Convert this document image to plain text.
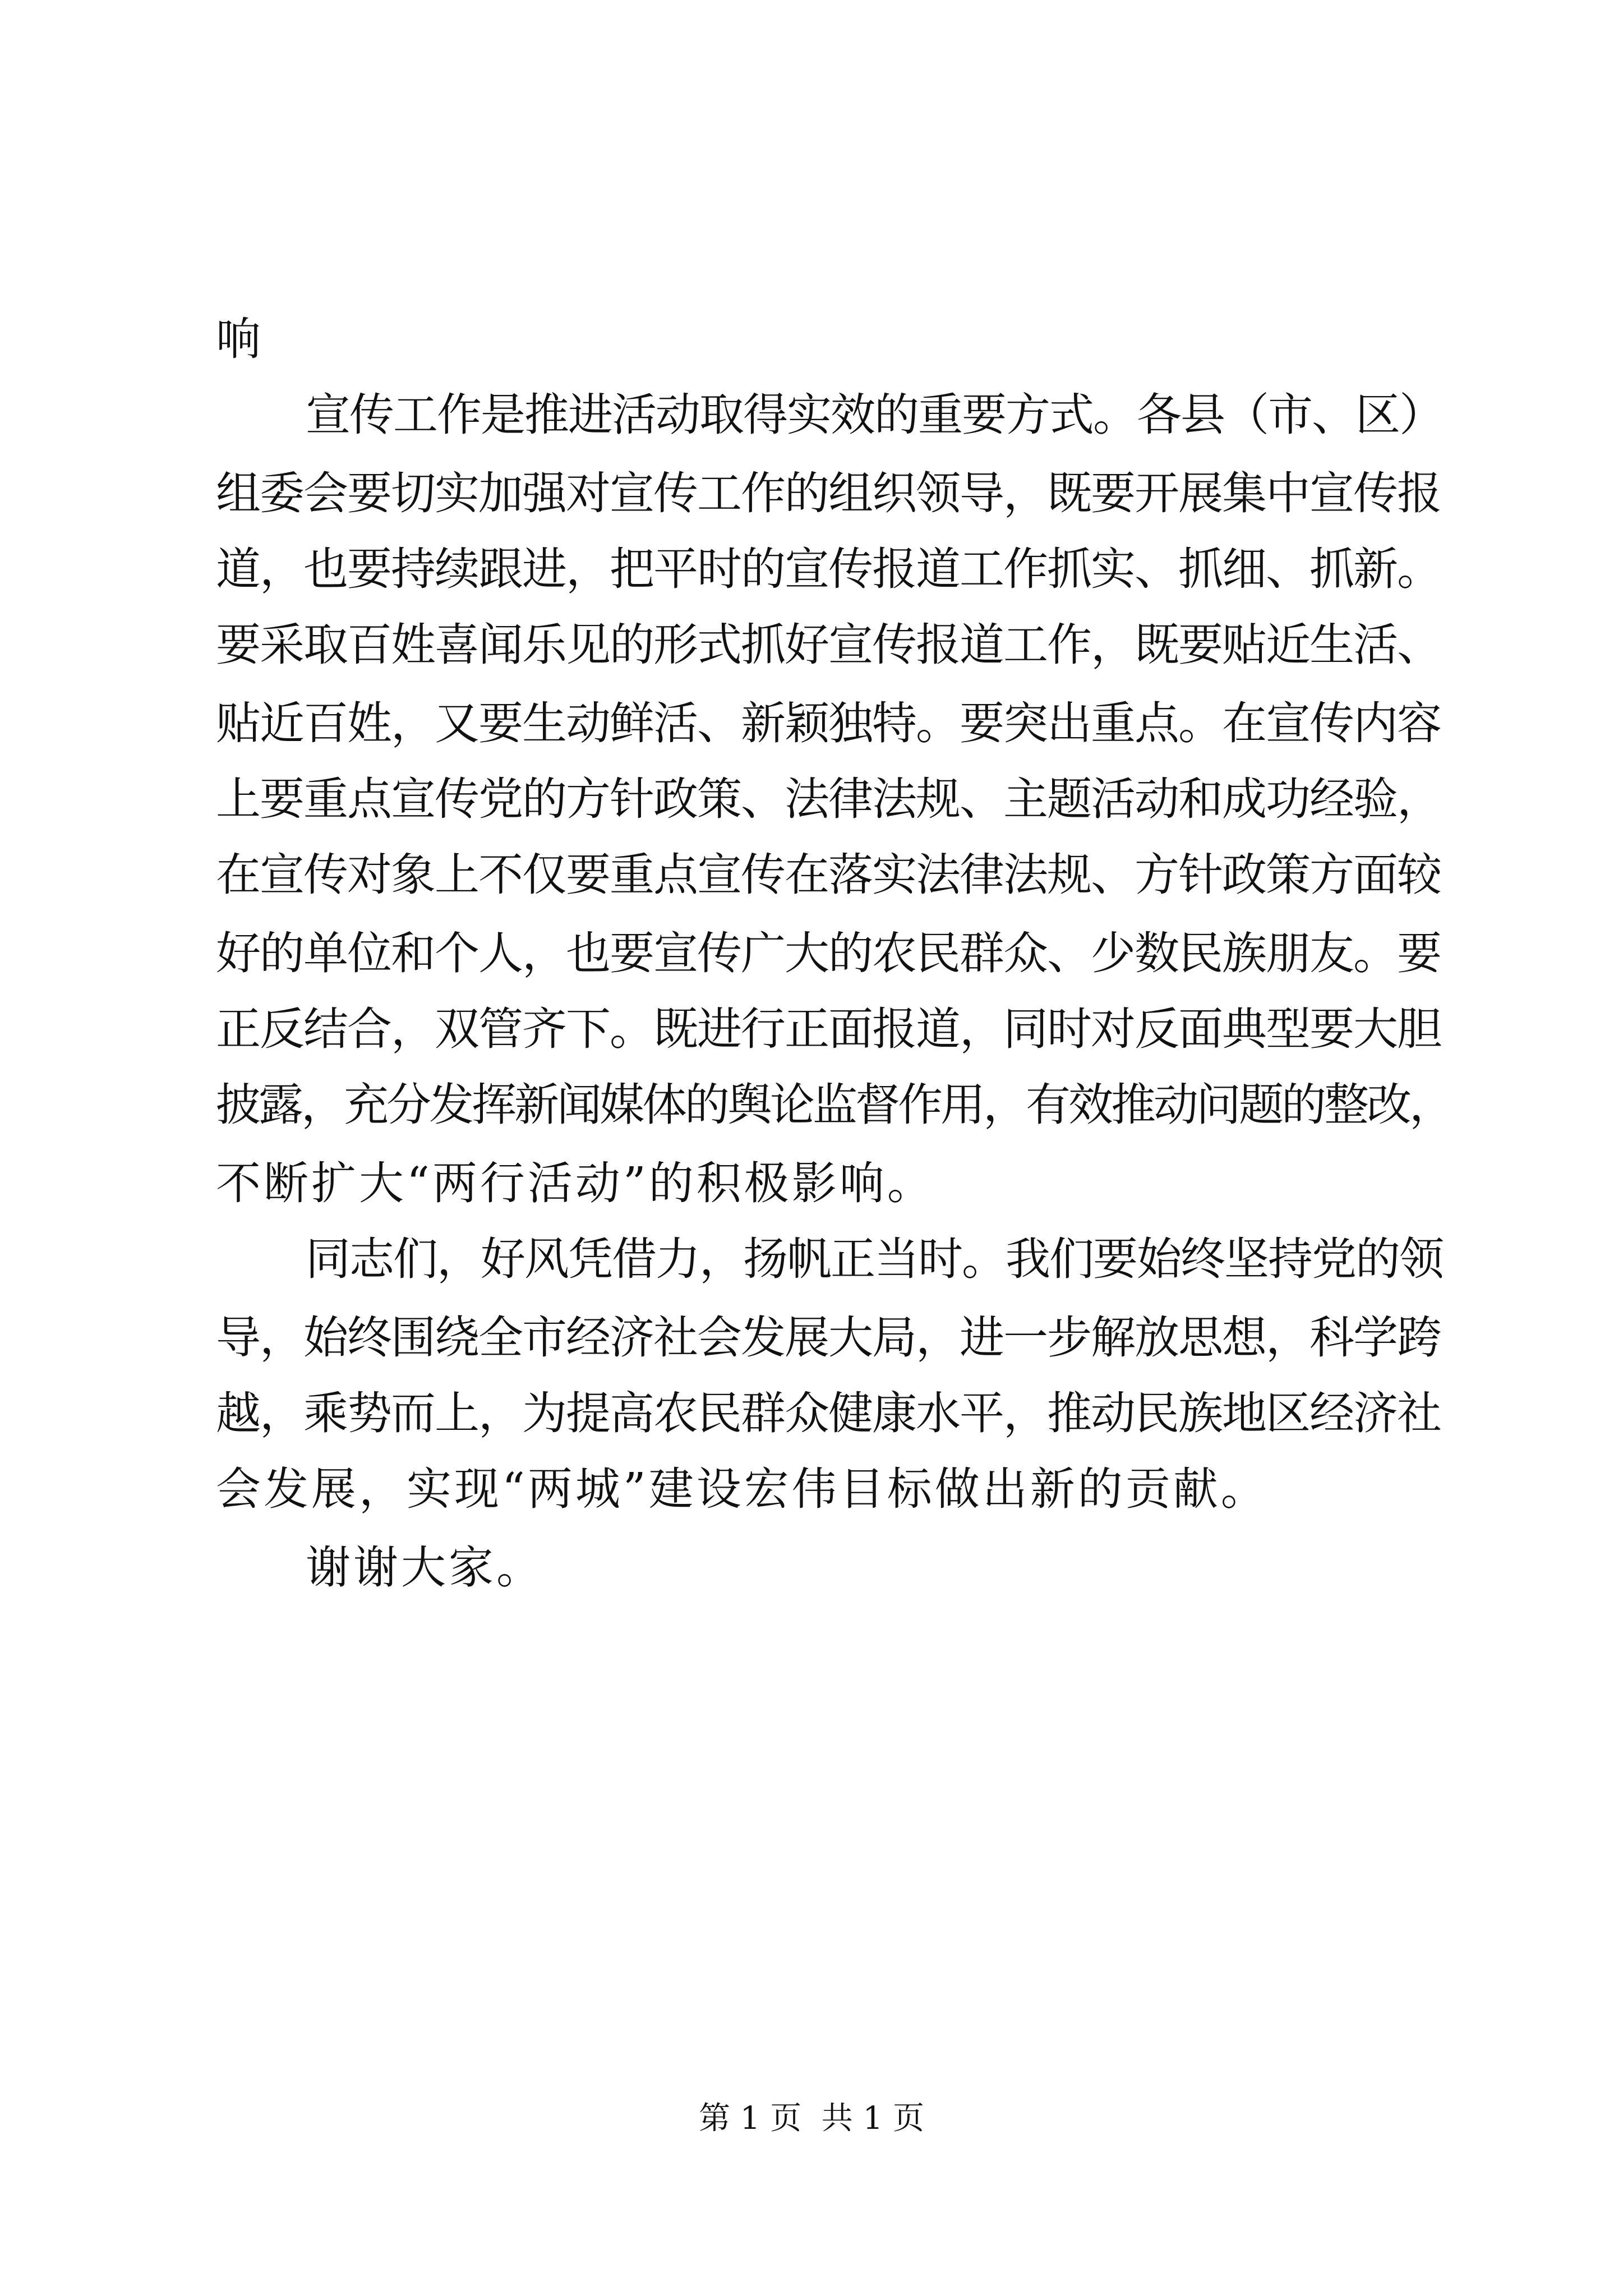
响

宣传工作是推进活动取得实效的重要方式。各县（市、区）

组委会要切实加强对宣传工作的组织领导，既要开展集中宣传报

道，也要持续跟进，把平时的宣传报道工作抓实、抓细、抓新。

要采取百姓喜闻乐见的形式抓好宣传报道工作，既要贴近生活、

贴近百姓，又要生动鲜活、新颖独特。要突出重点。在宣传内容

上要重点宣传党的方针政策、法律法规、主题活动和成功经验，

在宣传对象上不仅要重点宣传在落实法律法规、方针政策方面较

好的单位和个人，也要宣传广大的农民群众、少数民族朋友。要

正反结合，双管齐下。既进行正面报道，同时对反面典型要大胆

披露，充分发挥新闻媒体的舆论监督作用，有效推动问题的整改，

不断扩大“两行活动”的积极影响。

同志们，好风凭借力，扬帆正当时。我们要始终坚持党的领

导，始终围绕全市经济社会发展大局，进一步解放思想，科学跨

越，乘势而上，为提高农民群众健康水平，推动民族地区经济社

会发展，实现“两城”建设宏伟目标做出新的贡献。

谢谢大家。

第 1 页  共 1 页
